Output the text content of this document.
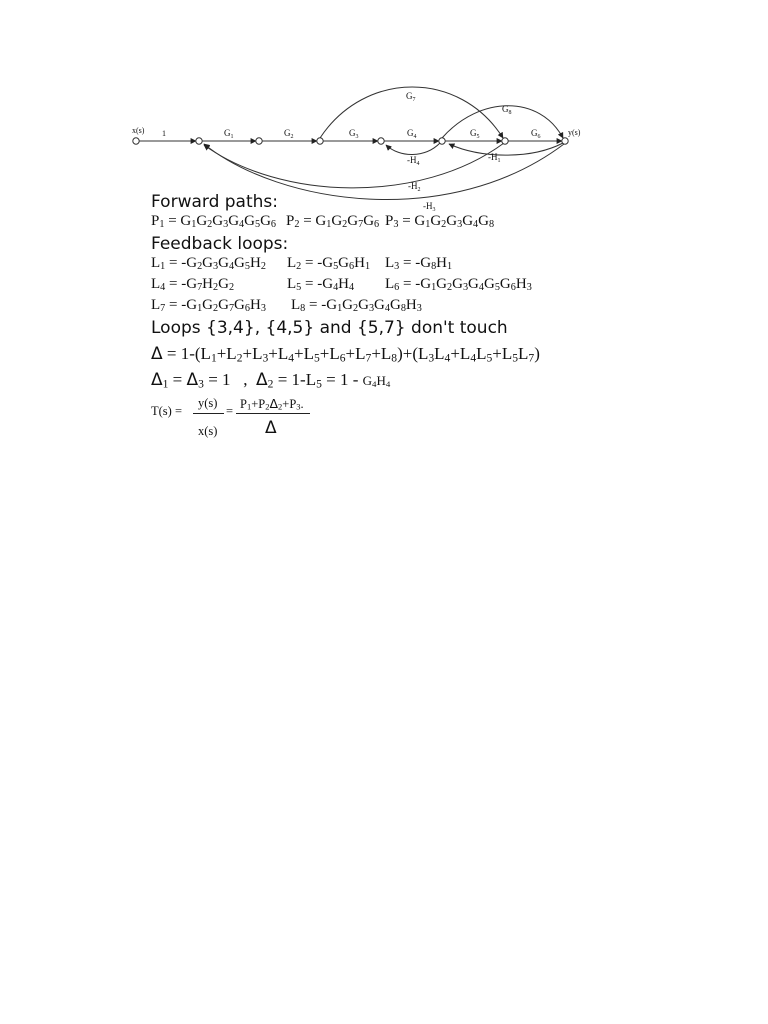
x(s)	y(s)
1	$G_1$	$G_2$	$G_3$	$G_4$	$G_5$	$G_6$
$G_7$
$G_8$
$-H_4$
$-H_1$
$-H_2$
$-H_3$
Forward paths:
$P_1 = G_1G_2G_3G_4G_5G_6$ $P_2 = G_1G_2G_7G_6$ $P_3 = G_1G_2G_3G_4G_8$
Feedback loops:
$L_1 = -G_2G_3G_4G_5H_2$ $L_2 = -G_5G_6H_1$ $L_3 = -G_8H_1$
$L_4 = -G_7H_2G_2$	$L_5 = -G_4H_4$ $L_6 = -G_1G_2G_3G_4G_5G_6H_3$
$L_7 = -G_1G_2G_7G_6H_3$ $L_8 = -G_1G_2G_3G_4G_8H_3$
Loops {3,4}, {4,5} and {5,7} don't touch
$\Delta = 1-(L_1+L_2+L_3+L_4+L_5+L_6+L_7+L_8)+(L_3L_4+L_4L_5+L_5L_7)$
$\Delta_1 = \Delta_3 = 1$   ,  $\Delta_2 = 1-L_5 = 1 - G_4H_4$
T(s) =
y(s)
x(s)
= $P_1+P_2\Delta_2+P_3$.
Δ
